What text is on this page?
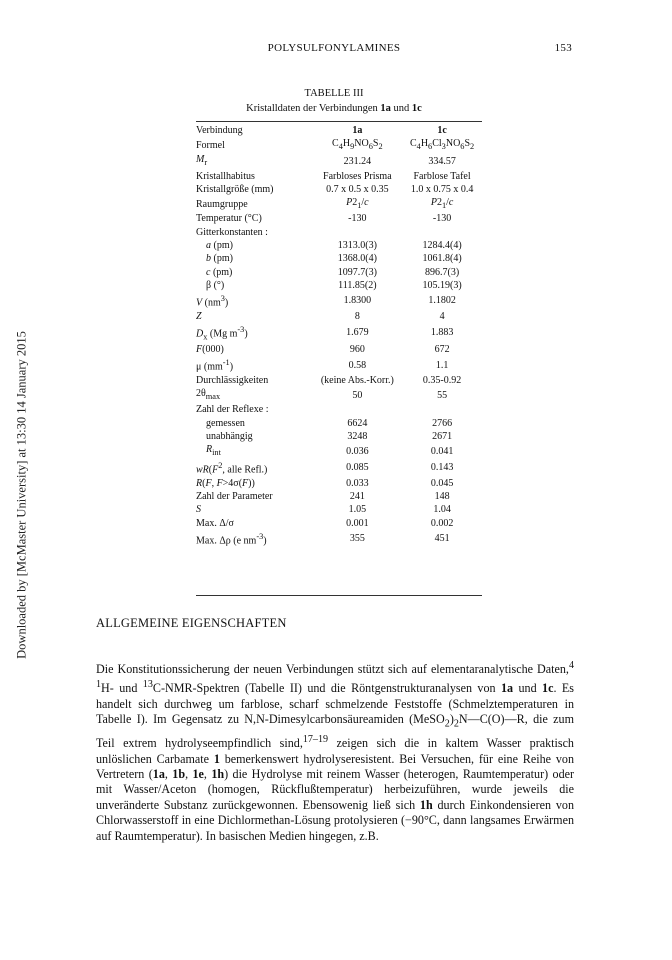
POLYSULFONYLAMINES	153
Downloaded by [McMaster University] at 13:30 14 January 2015
TABELLE III
Kristalldaten der Verbindungen 1a und 1c
Verbindung	1a	1c
Formel	$C_4H_9NO_6S_2$	$C_4H_6Cl_3NO_6S_2$
$M_r$	231.24	334.57
Kristallhabitus	Farbloses Prisma	Farblose Tafel
Kristallgröße (mm)	0.7 x 0.5 x 0.35	1.0 x 0.75 x 0.4
Raumgruppe	$P2_1/c$	$P2_1/c$
Temperatur (°C)	-130	-130
Gitterkonstanten :		
a (pm)	1313.0(3)	1284.4(4)
b (pm)	1368.0(4)	1061.8(4)
c (pm)	1097.7(3)	896.7(3)
β (°)	111.85(2)	105.19(3)
V $(nm^3)$	1.8300	1.1802
Z	8	4
$D_x$ (Mg $m^{-3}$)	1.679	1.883
F(000)	960	672
μ $(mm^{-1})$	0.58	1.1
Durchlässigkeiten	(keine Abs.-Korr.)	0.35-0.92
$2\theta_{max}$	50	55
Zahl der Reflexe :		
gemessen	6624	2766
unabhängig	3248	2671
$R_{int}$	0.036	0.041
$wR(F^2$, alle Refl.)	0.085	0.143
R(F, F>4σ(F))	0.033	0.045
Zahl der Parameter	241	148
S	1.05	1.04
Max. Δ/σ	0.001	0.002
Max. Δρ (e $nm^{-3}$)	355	451
ALLGEMEINE EIGENSCHAFTEN

Die Konstitutionssicherung der neuen Verbindungen stützt sich auf elementaranalytische Daten,$^4$ $^1$H- und $^{13}$C-NMR-Spektren (Tabelle II) und die Röntgenstrukturanalysen von 1a und 1c. Es handelt sich durchweg um farblose, scharf schmelzende Feststoffe (Schmelztemperaturen in Tabelle I). Im Gegensatz zu N,N-Dimesylcarbonsäureamiden $(MeSO_2)_2N—C(O)—R$, die zum Teil extrem hydrolyseempfindlich sind,$^{17-19}$ zeigen sich die in kaltem Wasser praktisch unlöslichen Carbamate 1 bemerkenswert hydrolyseresistent. Bei Versuchen, für eine Reihe von Vertretern (1a, 1b, 1e, 1h) die Hydrolyse mit reinem Wasser (heterogen, Raumtemperatur) oder mit Wasser/Aceton (homogen, Rückflußtemperatur) herbeizuführen, wurde jeweils die unveränderte Substanz zurückgewonnen. Ebensowenig ließ sich 1h durch Einkondensieren von Chlorwasserstoff in eine Dichlormethan-Lösung protolysieren (−90°C, dann langsames Erwärmen auf Raumtemperatur). In basischen Medien hingegen, z.B.
